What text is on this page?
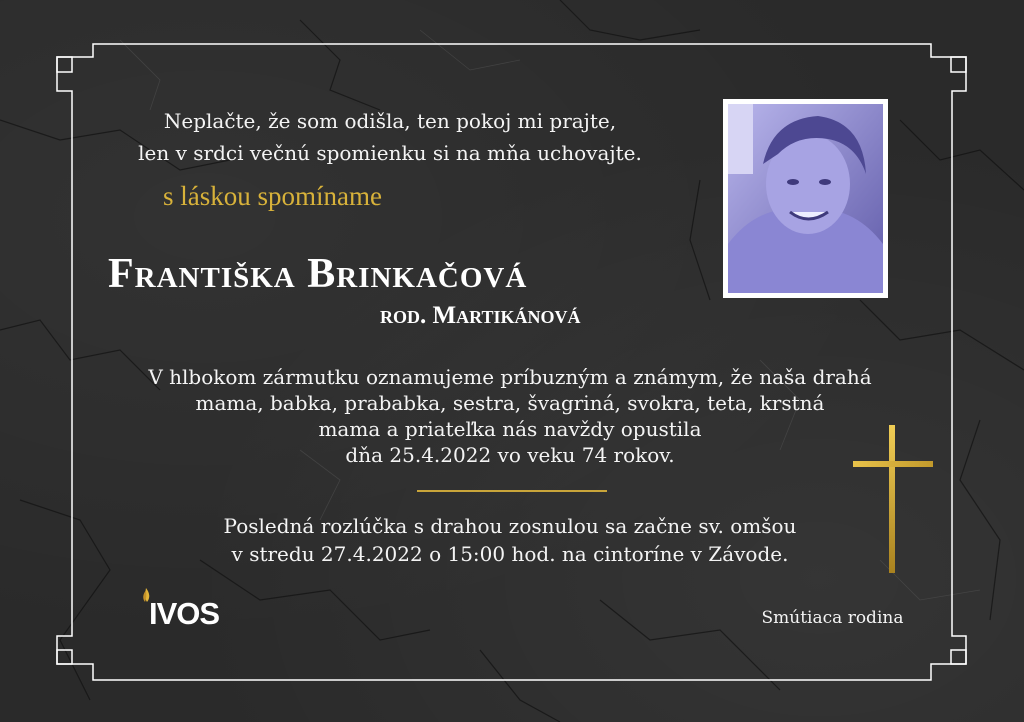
Neplačte, že som odišla, ten pokoj mi prajte,
len v srdci večnú spomienku si na mňa uchovajte.
s láskou spomíname
Františka Brinkačová
rod. Martikánová
V hlbokom zármutku oznamujeme príbuzným a známym, že naša drahá
mama, babka, prababka, sestra, švagriná, svokra, teta, krstná
mama a priateľka nás navždy opustila
dňa 25.4.2022 vo veku 74 rokov.
Posledná rozlúčka s drahou zosnulou sa začne sv. omšou
v stredu 27.4.2022 o 15:00 hod. na cintoríne v Závode.
IVOS	Smútiaca rodina
